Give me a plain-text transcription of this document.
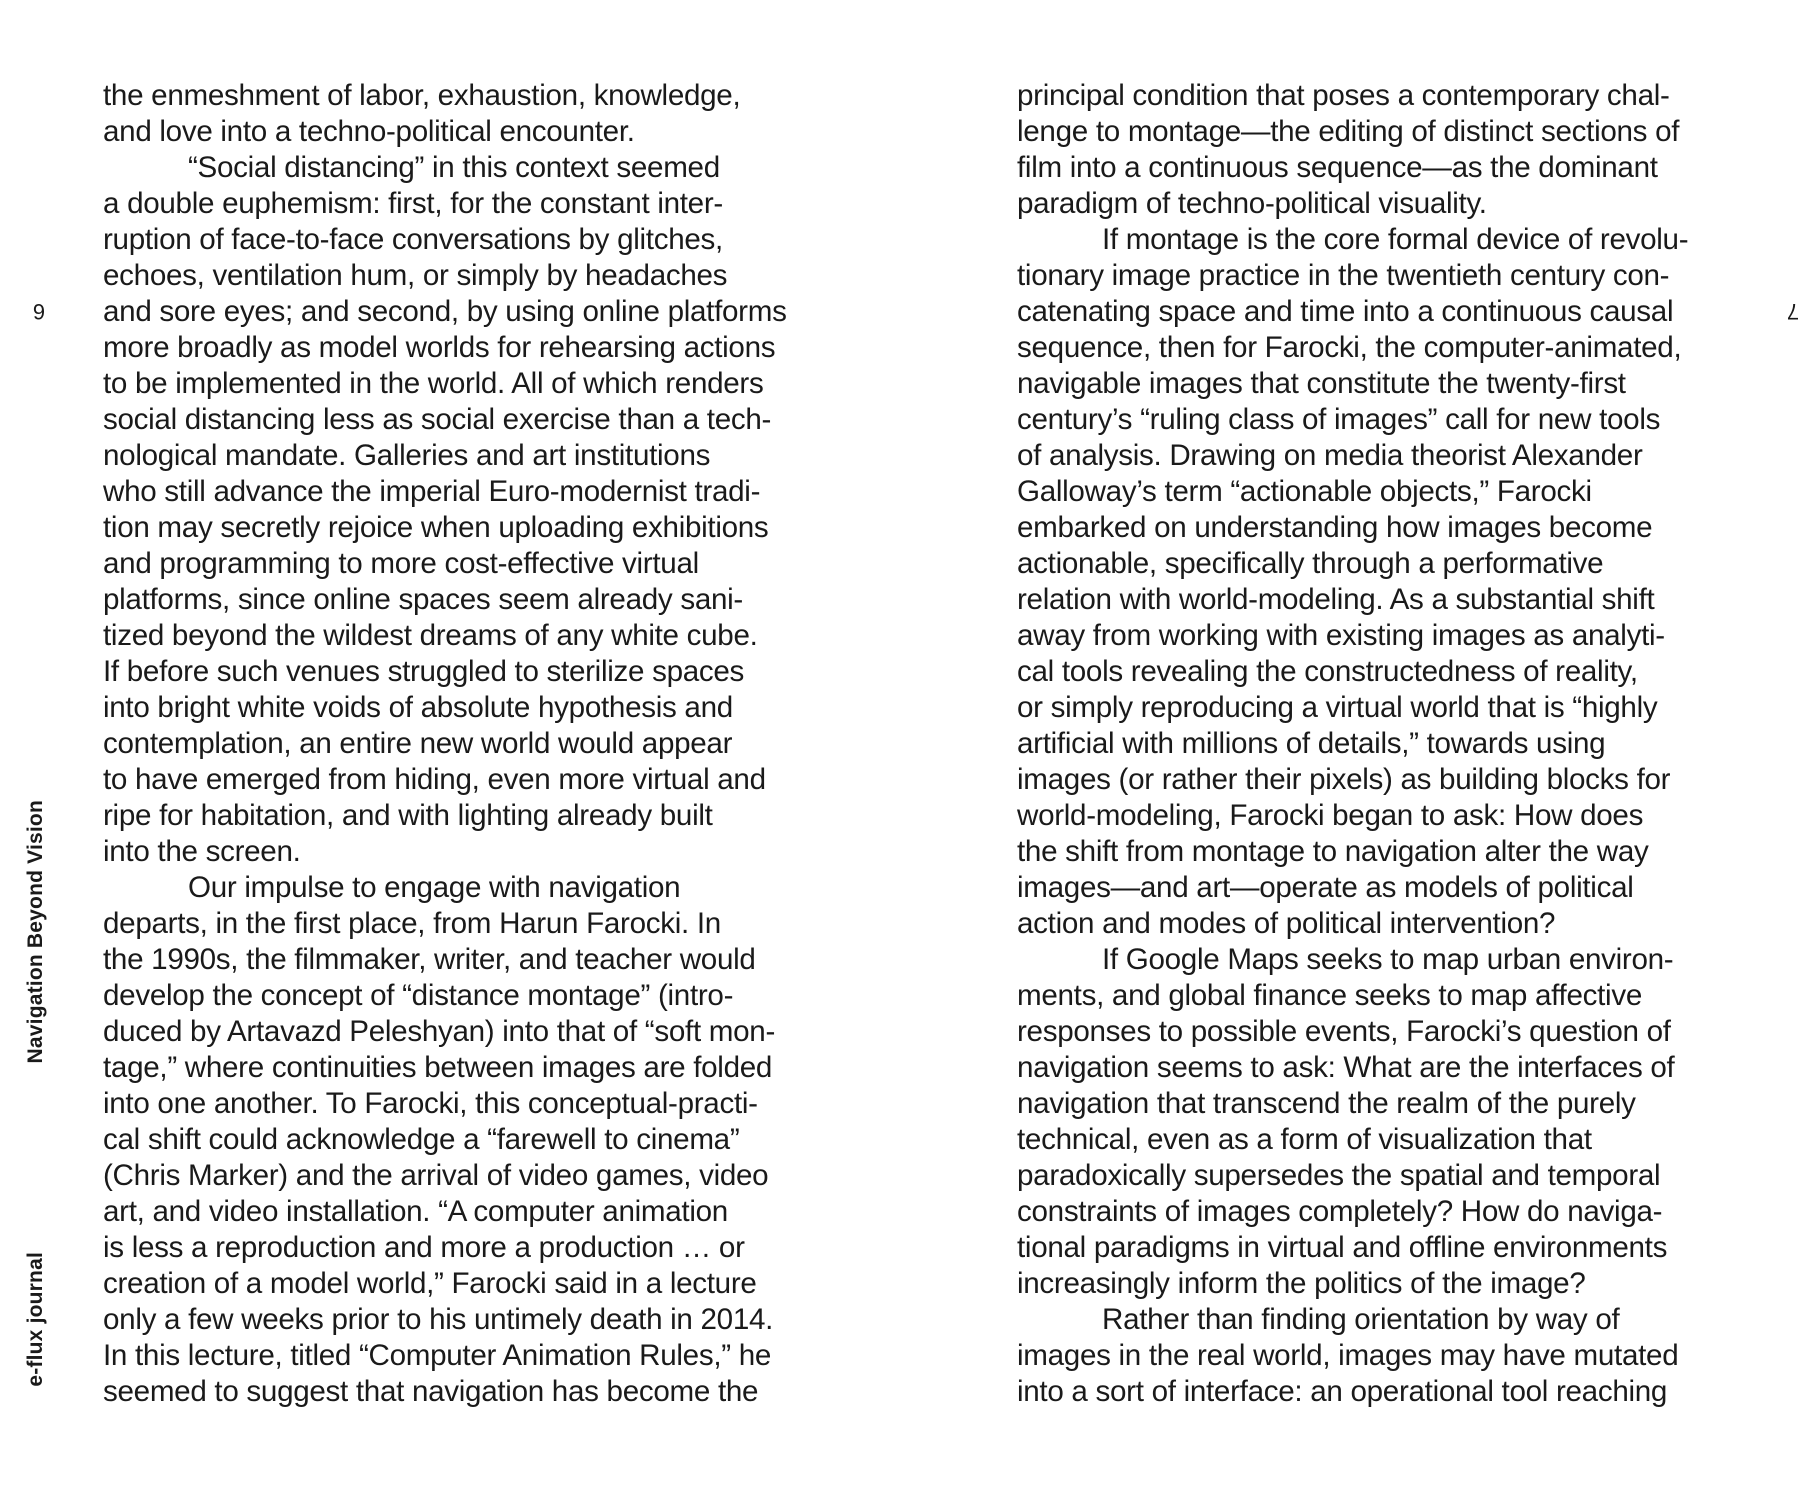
6
Navigation Beyond Vision
e-flux journal
the enmeshment of labor, exhaustion, knowledge,
and love into a techno-political encounter.
“Social distancing” in this context seemed
a double euphemism: first, for the constant inter-
ruption of face-to-face conversations by glitches,
echoes, ventilation hum, or simply by headaches
and sore eyes; and second, by using online platforms
more broadly as model worlds for rehearsing actions
to be implemented in the world. All of which renders
social distancing less as social exercise than a tech-
nological mandate. Galleries and art institutions
who still advance the imperial Euro-modernist tradi-
tion may secretly rejoice when uploading exhibitions
and programming to more cost-effective virtual
platforms, since online spaces seem already sani-
tized beyond the wildest dreams of any white cube.
If before such venues struggled to sterilize spaces
into bright white voids of absolute hypothesis and
contemplation, an entire new world would appear
to have emerged from hiding, even more virtual and
ripe for habitation, and with lighting already built
into the screen.
Our impulse to engage with navigation
departs, in the first place, from Harun Farocki. In
the 1990s, the filmmaker, writer, and teacher would
develop the concept of “distance montage” (intro-
duced by Artavazd Peleshyan) into that of “soft mon-
tage,” where continuities between images are folded
into one another. To Farocki, this conceptual-practi-
cal shift could acknowledge a “farewell to cinema”
(Chris Marker) and the arrival of video games, video
art, and video installation. “A computer animation
is less a reproduction and more a production … or
creation of a model world,” Farocki said in a lecture
only a few weeks prior to his untimely death in 2014.
In this lecture, titled “Computer Animation Rules,” he
seemed to suggest that navigation has become the
principal condition that poses a contemporary chal-
lenge to montage—the editing of distinct sections of
film into a continuous sequence—as the dominant
paradigm of techno-political visuality.
If montage is the core formal device of revolu-
tionary image practice in the twentieth century con-
catenating space and time into a continuous causal
sequence, then for Farocki, the computer-animated,
navigable images that constitute the twenty-first
century’s “ruling class of images” call for new tools
of analysis. Drawing on media theorist Alexander
Galloway’s term “actionable objects,” Farocki
embarked on understanding how images become
actionable, specifically through a performative
relation with world-modeling. As a substantial shift
away from working with existing images as analyti-
cal tools revealing the constructedness of reality,
or simply reproducing a virtual world that is “highly
artificial with millions of details,” towards using
images (or rather their pixels) as building blocks for
world-modeling, Farocki began to ask: How does
the shift from montage to navigation alter the way
images—and art—operate as models of political
action and modes of political intervention?
If Google Maps seeks to map urban environ-
ments, and global finance seeks to map affective
responses to possible events, Farocki’s question of
navigation seems to ask: What are the interfaces of
navigation that transcend the realm of the purely
technical, even as a form of visualization that
paradoxically supersedes the spatial and temporal
constraints of images completely? How do naviga-
tional paradigms in virtual and offline environments
increasingly inform the politics of the image?
Rather than finding orientation by way of
images in the real world, images may have mutated
into a sort of interface: an operational tool reaching
7
